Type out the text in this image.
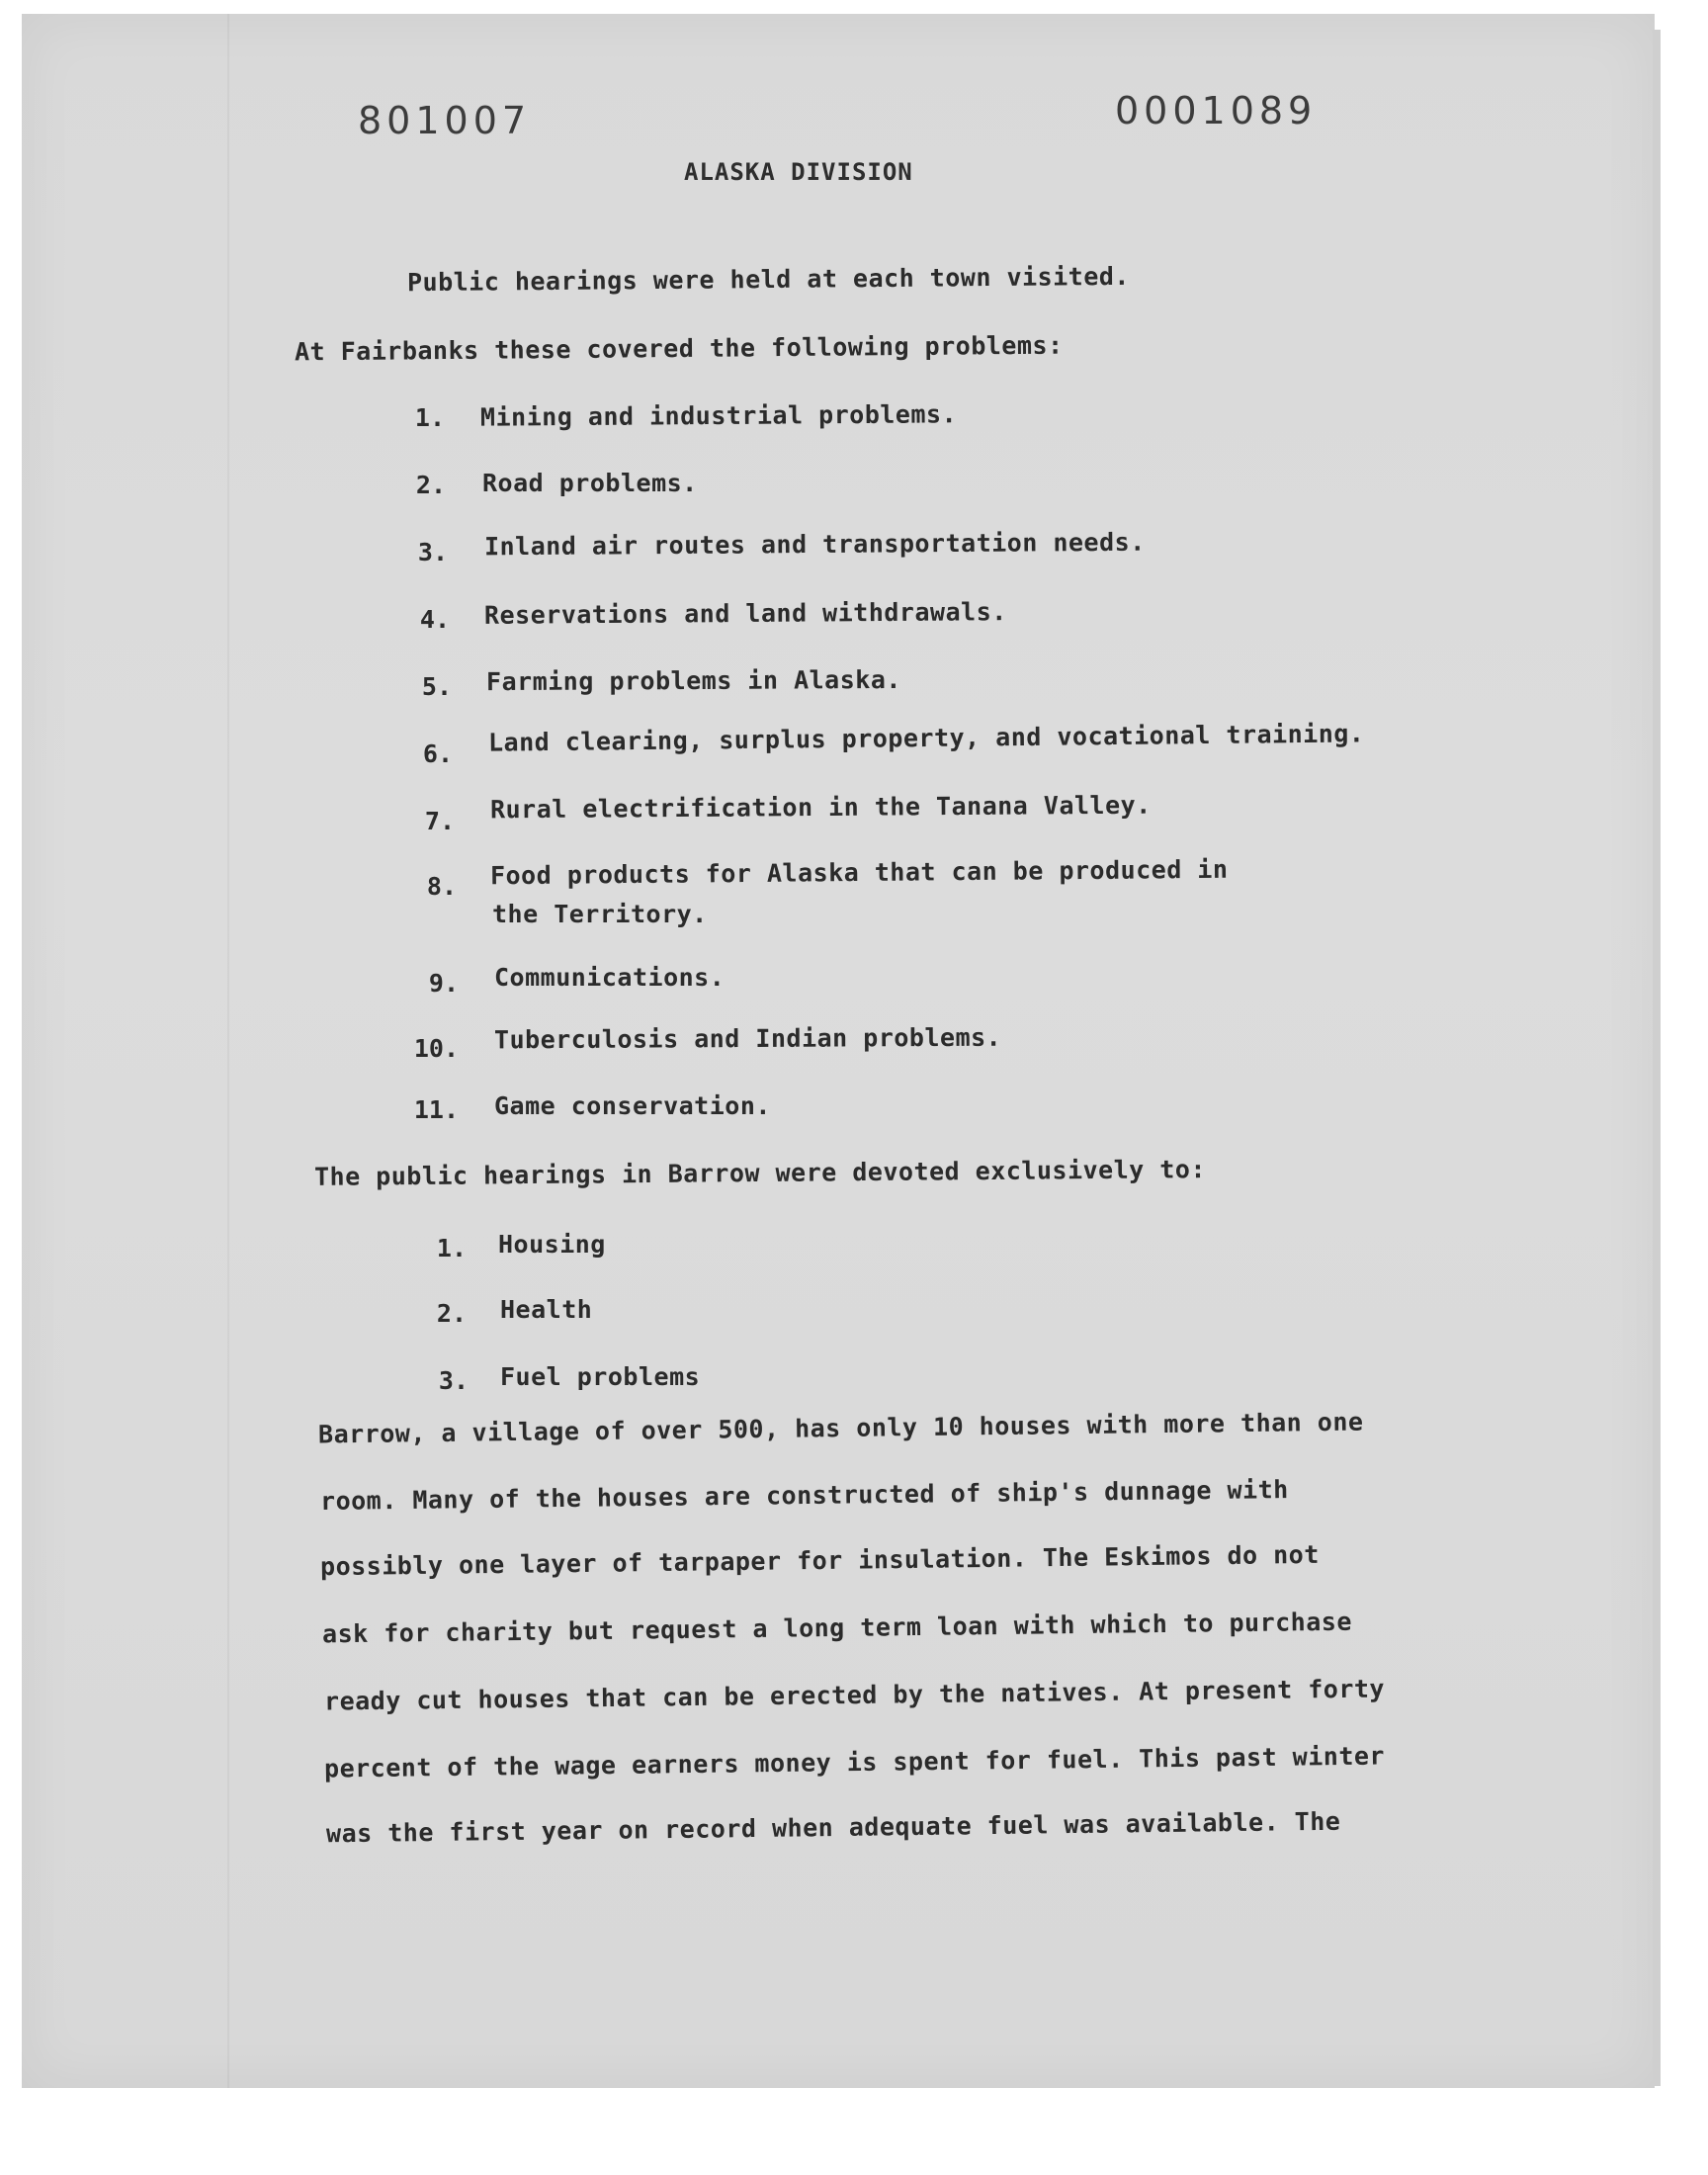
801007	0001089
ALASKA DIVISION
Public hearings were held at each town visited.
At Fairbanks these covered the following problems:
1. Mining and industrial problems.
2. Road problems.
3. Inland air routes and transportation needs.
4. Reservations and land withdrawals.
5. Farming problems in Alaska.
6. Land clearing, surplus property, and vocational training.
7. Rural electrification in the Tanana Valley.
8. Food products for Alaska that can be produced in
the Territory.
9. Communications.
10. Tuberculosis and Indian problems.
11. Game conservation.
The public hearings in Barrow were devoted exclusively to:
1. Housing
2. Health
3. Fuel problems
Barrow, a village of over 500, has only 10 houses with more than one
room. Many of the houses are constructed of ship's dunnage with
possibly one layer of tarpaper for insulation. The Eskimos do not
ask for charity but request a long term loan with which to purchase
ready cut houses that can be erected by the natives. At present forty
percent of the wage earners money is spent for fuel. This past winter
was the first year on record when adequate fuel was available. The
